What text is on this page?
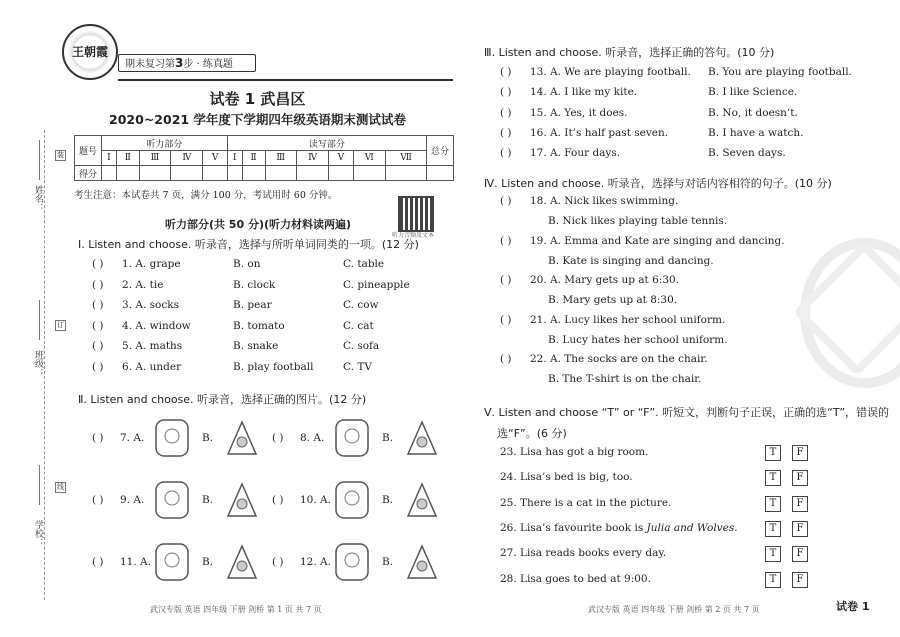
姓名：
班级：
学校：
装
订
线
王朝霞
期末复习第3步 · 练真题
试卷 1 武昌区
2020~2021 学年度下学期四年级英语期末测试试卷
题号	听力部分					读写部分							总分
	Ⅰ	Ⅱ	Ⅲ	Ⅳ	Ⅴ	Ⅰ	Ⅱ	Ⅲ	Ⅳ	Ⅴ	Ⅵ	Ⅶ	
得分													
考生注意：本试卷共 7 页，满分 100 分，考试用时 60 分钟。
听力音频及文本
听力部分(共 50 分)(听力材料读两遍)
Ⅰ. Listen and choose. 听录音，选择与所听单词同类的一项。(12 分)
( ) 1. A. grape	B. on	C. table
( ) 2. A. tie	B. clock	C. pineapple
( ) 3. A. socks	B. pear	C. cow
( ) 4. A. window	B. tomato	C. cat
( ) 5. A. maths	B. snake	C. sofa
( ) 6. A. under	B. play football	C. TV
Ⅱ. Listen and choose. 听录音，选择正确的图片。(12 分)
( ) 7. A.	B.	( ) 8. A.	B.
( ) 9. A.	B.	( ) 10. A.	B.
( ) 11. A.	B.	( ) 12. A.	B.
Ⅲ. Listen and choose. 听录音，选择正确的答句。(10 分)
( ) 13. A. We are playing football. B. You are playing football.
( ) 14. A. I like my kite.	B. I like Science.
( ) 15. A. Yes, it does.	B. No, it doesn’t.
( ) 16. A. It’s half past seven.	B. I have a watch.
( ) 17. A. Four days.	B. Seven days.
Ⅳ. Listen and choose. 听录音，选择与对话内容相符的句子。(10 分)
( ) 18. A. Nick likes swimming.
B. Nick likes playing table tennis.
( ) 19. A. Emma and Kate are singing and dancing.
B. Kate is singing and dancing.
( ) 20. A. Mary gets up at 6:30.
B. Mary gets up at 8:30.
( ) 21. A. Lucy likes her school uniform.
B. Lucy hates her school uniform.
( ) 22. A. The socks are on the chair.
B. The T-shirt is on the chair.
Ⅴ. Listen and choose “T” or “F”. 听短文，判断句子正误，正确的选“T”，错误的
选“F”。(6 分)
23. Lisa has got a big room.	T	F
24. Lisa’s bed is big, too.	T	F
25. There is a cat in the picture.	T	F
26. Lisa’s favourite book is Julia and Wolves.	T	F
27. Lisa reads books every day.	T	F
28. Lisa goes to bed at 9:00.	T	F
武汉专版 英语 四年级 下册 剑桥 第 1 页 共 7 页	武汉专版 英语 四年级 下册 剑桥 第 2 页 共 7 页	试卷 1
